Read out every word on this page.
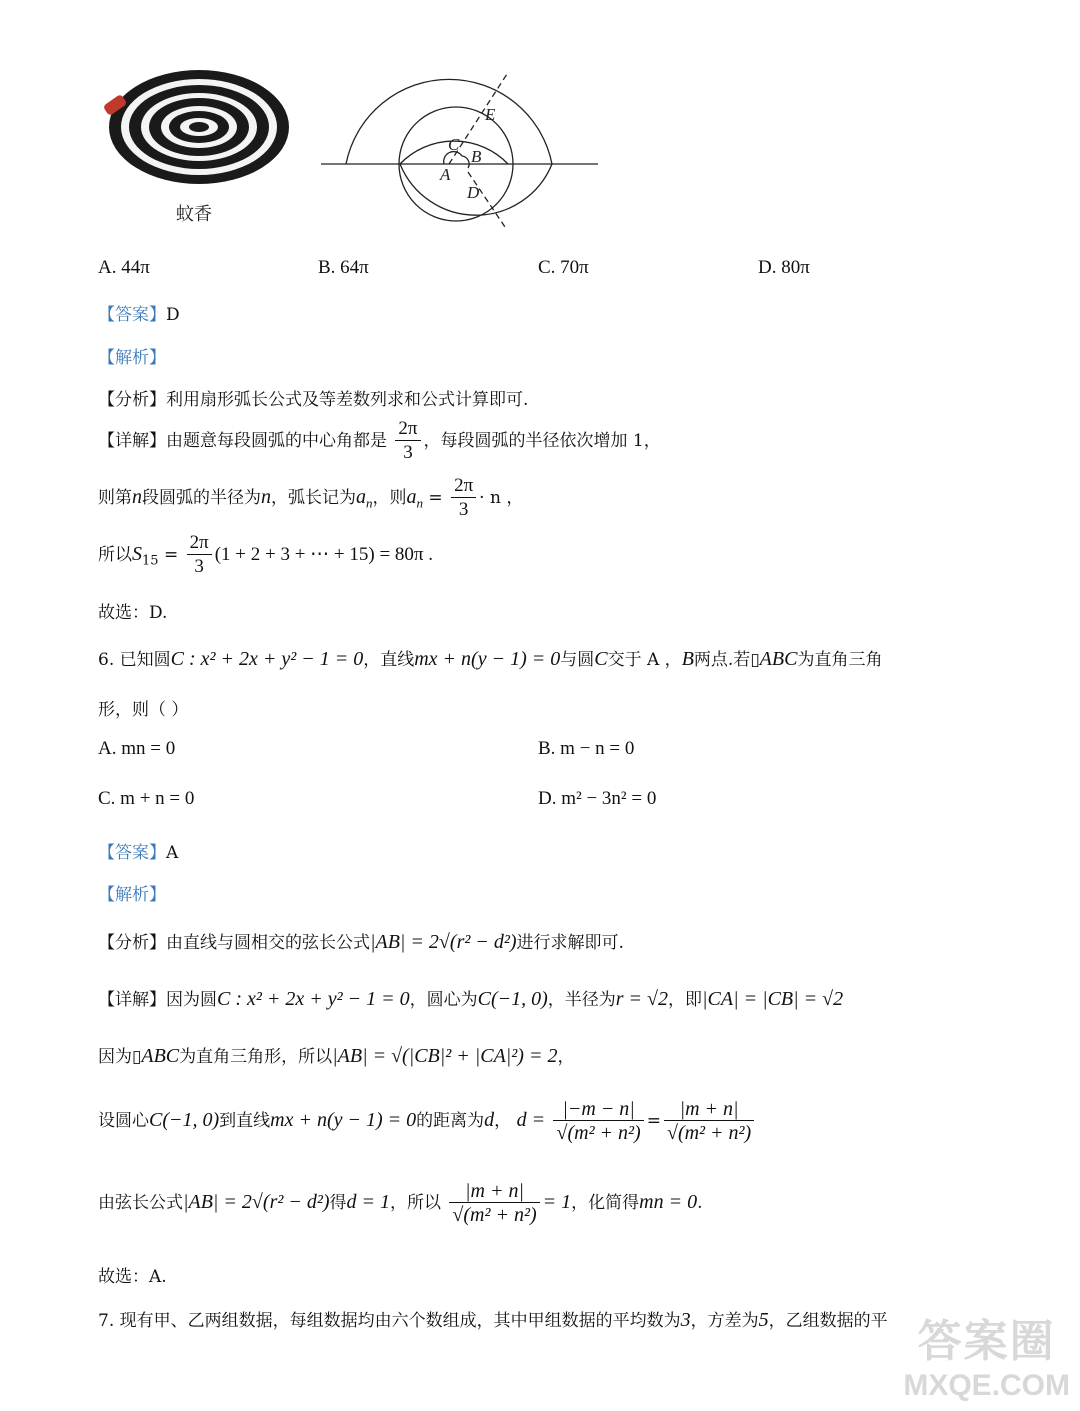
蚊香
E
C
B
A
D
A. 44π	B. 64π	C. 70π	D. 80π
【答案】D
【解析】
【分析】利用扇形弧长公式及等差数列求和公式计算即可.
【详解】由题意每段圆弧的中心角都是 $\frac{2\pi}{3}$ ，每段圆弧的半径依次增加 1，
则第n段圆弧的半径为n，弧长记为$a_n$，则$a_n = \frac{2\pi}{3} \cdot n$ ，
所以$S_{15} = \frac{2\pi}{3} (1 + 2 + 3$ + ⋯ + 15) = 80π .
故选：D.
6. 已知圆C : x² + 2x + y² − 1 = 0，直线mx + n(y − 1) = 0与圆C交于 A ，B两点.若▯ABC为直角三角
形，则（ ）
A. mn = 0	B. m − n = 0
C. m + n = 0	D. m² − 3n² = 0
【答案】A
【解析】
【分析】由直线与圆相交的弦长公式|AB| = 2√(r² − d²)进行求解即可.
【详解】因为圆C : x² + 2x + y² − 1 = 0，圆心为C(−1, 0)，半径为r = √2，即|CA| = |CB| = √2
因为▯ABC为直角三角形，所以|AB| = √(|CB|² + |CA|²) = 2，
设圆心C(−1, 0)到直线mx + n(y − 1) = 0的距离为d， $d = \frac{|-m - n|}{\text{√(m² + n²)}} = \frac{|m + n|}{\text{√(m² + n²)}}$
由弦长公式|AB| = 2√(r² − d²)得d = 1，所以 $\frac{|m + n|}{\text{√(m² + n²)}} = 1$，化简得mn = 0.
故选：A.
7. 现有甲、乙两组数据，每组数据均由六个数组成，其中甲组数据的平均数为3，方差为5，乙组数据的平 答案圈
MXQE.COM
